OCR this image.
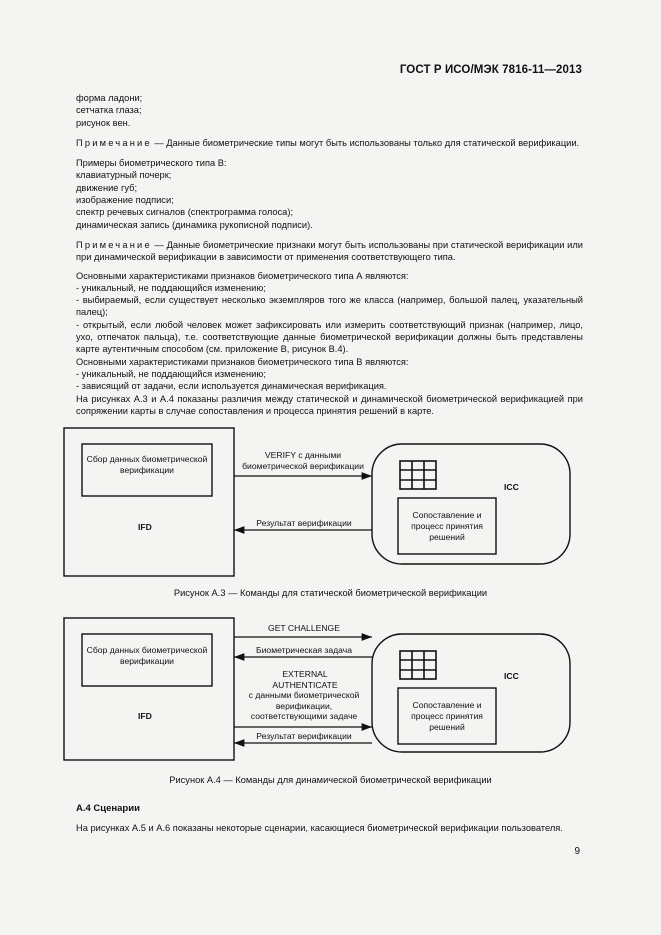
ГОСТ Р ИСО/МЭК 7816-11—2013

форма ладони;

сетчатка глаза;

рисунок вен.

Примечание — Данные биометрические типы могут быть использованы только для статической верификации.

Примеры биометрического типа В:

клавиатурный почерк;

движение губ;

изображение подписи;

спектр речевых сигналов (спектрограмма голоса);

динамическая запись (динамика рукописной подписи).

Примечание — Данные биометрические признаки могут быть использованы при статической верификации или при динамической верификации в зависимости от применения соответствующего типа.

Основными характеристиками признаков биометрического типа А являются:

- уникальный, не поддающийся изменению;

- выбираемый, если существует несколько экземпляров того же класса (например, большой палец, указательный палец);

- открытый, если любой человек может зафиксировать или измерить соответствующий признак (например, лицо, ухо, отпечаток пальца), т.е. соответствующие данные биометрической верификации должны быть представлены карте аутентичным способом (см. приложение В, рисунок В.4).

Основными характеристиками признаков биометрического типа В являются:

- уникальный, не поддающийся изменению;

- зависящий от задачи, если используется динамическая верификация.

На рисунках А.3 и А.4 показаны различия между статической и динамической биометрической верификацией при сопряжении карты в случае сопоставления и процесса принятия решений в карте.

Сбор данных биометрической верификации
IFD
ICC
Сопоставление и процесс принятия решений
VERIFY с данными биометрической верификации
Результат верификации
Рисунок А.3 — Команды для статической биометрической верификации
Сбор данных биометрической верификации
IFD
ICC
Сопоставление и процесс принятия решений
GET CHALLENGE
Биометрическая задача
EXTERNAL AUTHENTICATE
с данными биометрической верификации, соответствующими задаче
Результат верификации
Рисунок А.4 — Команды для динамической биометрической верификации
А.4 Сценарии
На рисунках А.5 и А.6 показаны некоторые сценарии, касающиеся биометрической верификации пользователя.
9
